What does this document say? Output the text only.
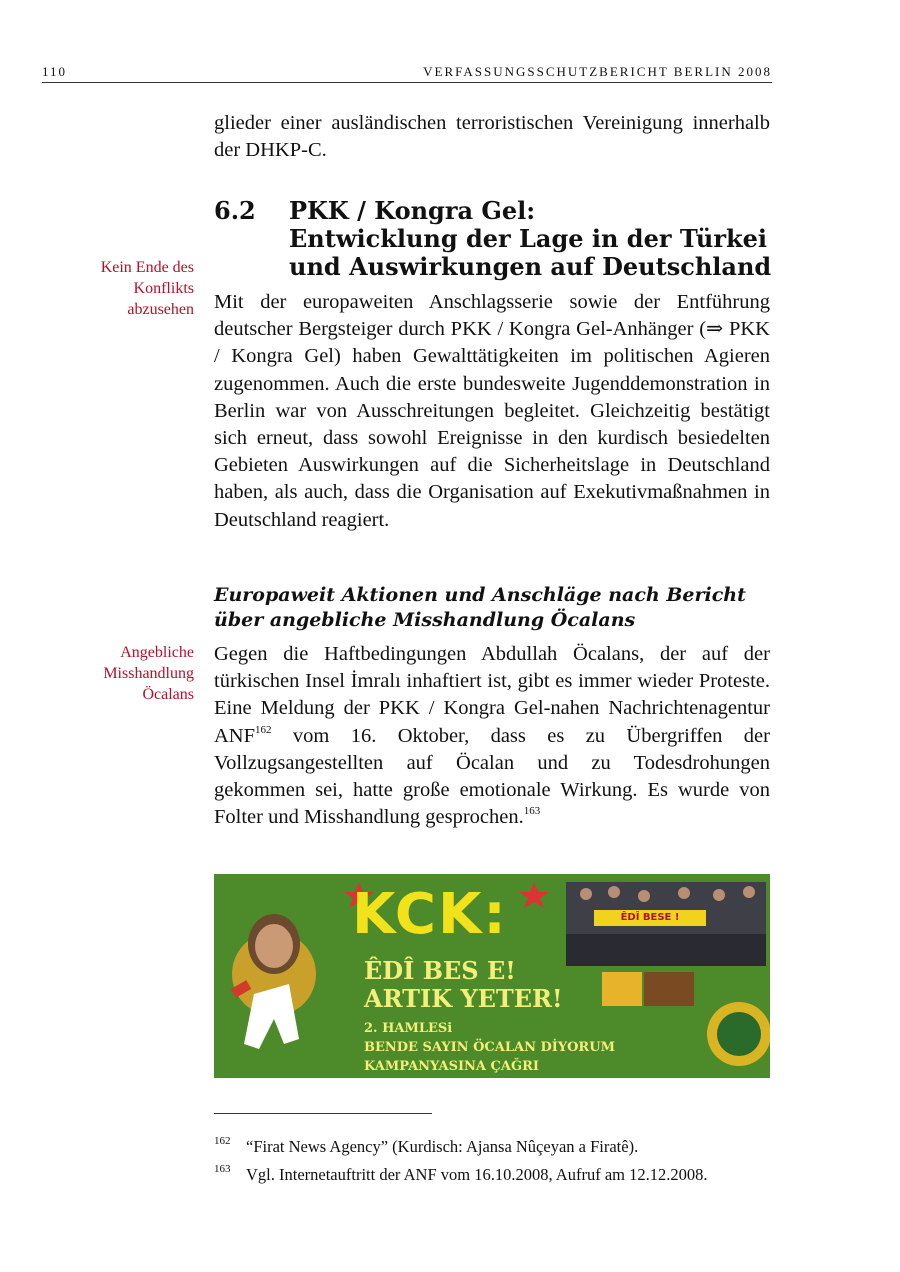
110	VERFASSUNGSSCHUTZBERICHT BERLIN 2008
glieder einer ausländischen terroristischen Vereinigung innerhalb der DHKP-C.
6.2 PKK / Kongra Gel:
Entwicklung der Lage in der Türkei
und Auswirkungen auf Deutschland
Kein Ende des
Konflikts
abzusehen Mit der europaweiten Anschlagsserie sowie der Entführung deutscher Bergsteiger durch PKK / Kongra Gel-Anhänger (⇒ PKK / Kongra Gel) haben Gewalttätigkeiten im politischen Agieren zugenommen. Auch die erste bundesweite Jugenddemonstration in Berlin war von Ausschreitungen begleitet. Gleichzeitig bestätigt sich erneut, dass sowohl Ereignisse in den kurdisch besiedelten Gebieten Auswirkungen auf die Sicherheitslage in Deutschland haben, als auch, dass die Organisation auf Exekutivmaßnahmen in Deutschland reagiert.
Europaweit Aktionen und Anschläge nach Bericht über angebliche Misshandlung Öcalans
Angebliche
Misshandlung
Öcalans
Gegen die Haftbedingungen Abdullah Öcalans, der auf der türkischen Insel İmralı inhaftiert ist, gibt es immer wieder Proteste. Eine Meldung der PKK / Kongra Gel-nahen Nachrichtenagentur ANF$^{162}$ vom 16. Oktober, dass es zu Übergriffen der Vollzugsangestellten auf Öcalan und zu Todesdrohungen gekommen sei, hatte große emotionale Wirkung. Es wurde von Folter und Misshandlung gesprochen.$^{163}$
KCK:	ÊDÎ BESE !
ÊDÎ BES E!
ARTIK YETER!
2. HAMLESi
BENDE SAYIN ÖCALAN DİYORUM
KAMPANYASINA ÇAĞRI
162 “Firat News Agency” (Kurdisch: Ajansa Nûçeyan a Firatê).
163 Vgl. Internetauftritt der ANF vom 16.10.2008, Aufruf am 12.12.2008.
